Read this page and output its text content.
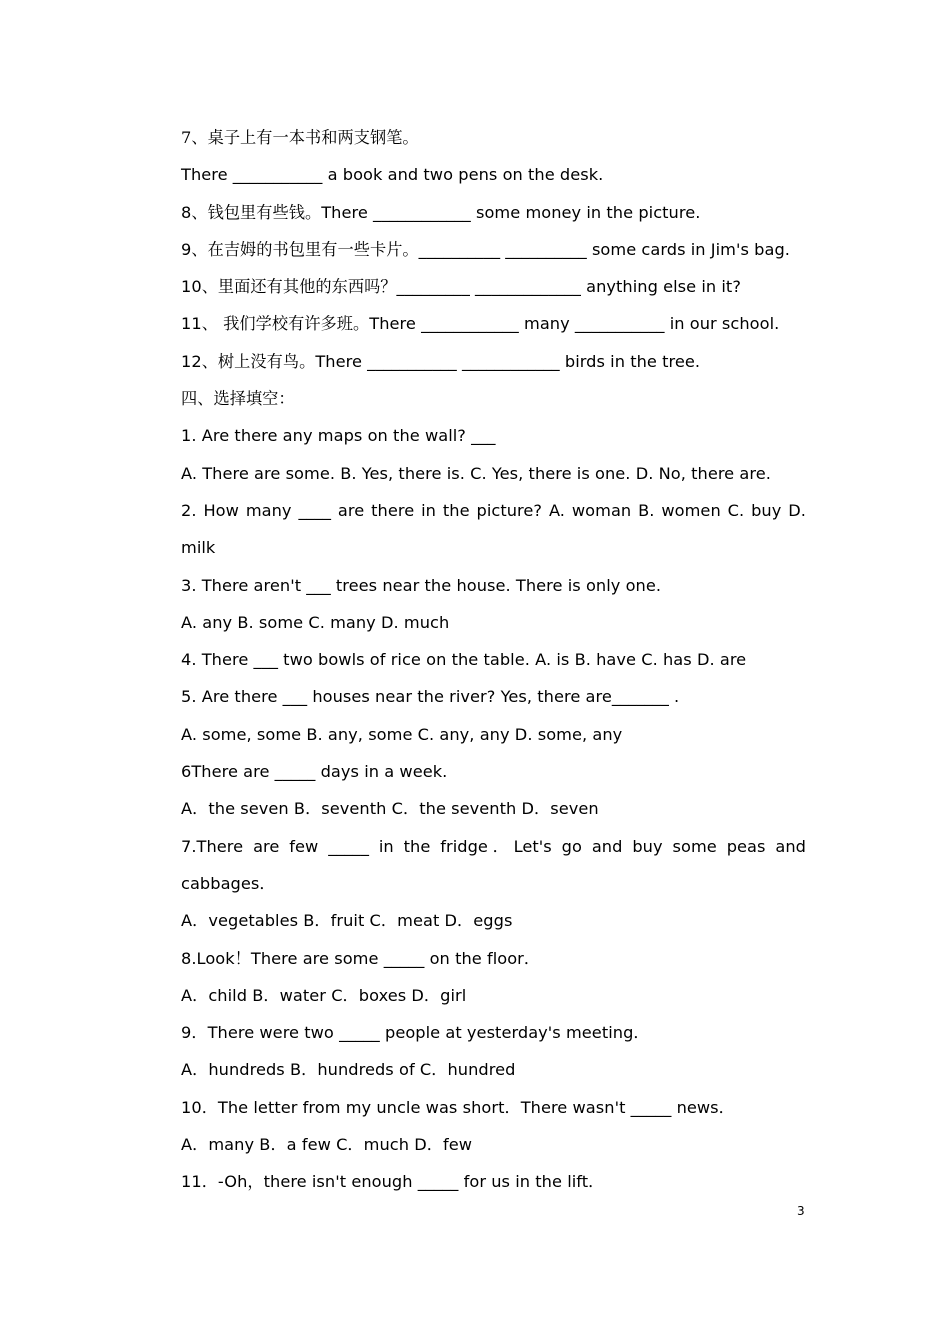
7、桌子上有一本书和两支钢笔。
There ___________ a book and two pens on the desk.
8、钱包里有些钱。There ____________ some money in the picture.
9、在吉姆的书包里有一些卡片。__________ __________ some cards in Jim's bag.
10、里面还有其他的东西吗？_________ _____________ anything else in it?
11、 我们学校有许多班。There ____________ many ___________ in our school.
12、树上没有鸟。There ___________ ____________ birds in the tree.
四、选择填空：
1. Are there any maps on the wall? ___
A. There are some. B. Yes, there is. C. Yes, there is one. D. No, there are.
2. How many ____ are there in the picture? A. woman B. women C. buy D.
milk
3. There aren't ___ trees near the house. There is only one.
A. any B. some C. many D. much
4. There ___ two bowls of rice on the table. A. is B. have C. has D. are
5. Are there ___ houses near the river? Yes, there are_______ .
A. some, some B. any, some C. any, any D. some, any
6There are _____ days in a week.
A．the seven B．seventh C．the seventh D．seven
7.There are few _____ in the fridge．Let's go and buy some peas and
cabbages．
A．vegetables B．fruit C．meat D．eggs
8.Look！There are some _____ on the floor．
A．child B．water C．boxes D．girl
9．There were two _____ people at yesterday's meeting．
A．hundreds B．hundreds of C．hundred
10．The letter from my uncle was short．There wasn't _____ news．
A．many B．a few C．much D．few
11．-Oh，there isn't enough _____ for us in the lift．
3
